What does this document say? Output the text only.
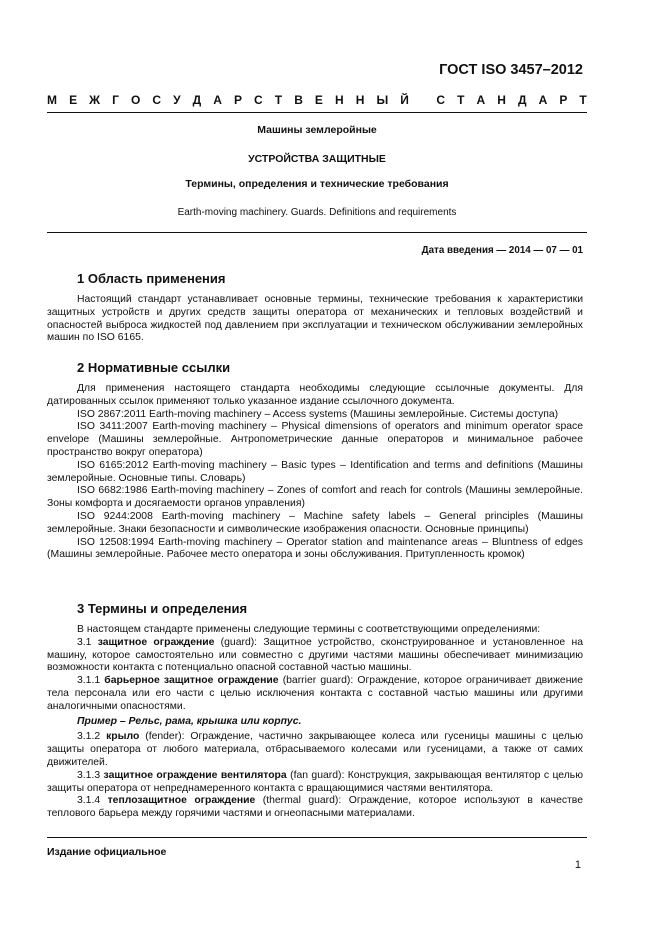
ГОСТ ISO 3457–2012
М Е Ж Г О С У Д А Р С Т В Е Н Н Ы Й
С Т А Н Д А Р Т
Машины землеройные
УСТРОЙСТВА ЗАЩИТНЫЕ
Термины, определения и технические требования
Earth-moving machinery. Guards. Definitions and requirements
Дата введения — 2014 — 07 — 01
1 Область применения

Настоящий стандарт устанавливает основные термины, технические требования к характеристики защитных устройств и других средств защиты оператора от механических и тепловых воздействий и опасностей выброса жидкостей под давлением при эксплуатации и техническом обслуживании землеройных машин по ISO 6165.

2 Нормативные ссылки

Для применения настоящего стандарта необходимы следующие ссылочные документы. Для датированных ссылок применяют только указанное издание ссылочного документа.

ISO 2867:2011 Earth-moving machinery – Access systems (Машины землеройные. Системы доступа)

ISO 3411:2007 Earth-moving machinery – Physical dimensions of operators and minimum operator space envelope (Машины землеройные. Антропометрические данные операторов и минимальное рабочее пространство вокруг оператора)

ISO 6165:2012 Earth-moving machinery – Basic types – Identification and terms and definitions (Машины землеройные. Основные типы. Словарь)

ISO 6682:1986 Earth-moving machinery – Zones of comfort and reach for controls (Машины землеройные. Зоны комфорта и досягаемости органов управления)

ISO 9244:2008 Earth-moving machinery – Machine safety labels – General principles (Машины землеройные. Знаки безопасности и символические изображения опасности. Основные принципы)

ISO 12508:1994 Earth-moving machinery – Operator station and maintenance areas – Bluntness of edges (Машины землеройные. Рабочее место оператора и зоны обслуживания. Притупленность кромок)

3 Термины и определения

В настоящем стандарте применены следующие термины с соответствующими определениями:

3.1 защитное ограждение (guard): Защитное устройство, сконструированное и установленное на машину, которое самостоятельно или совместно с другими частями машины обеспечивает минимизацию возможности контакта с потенциально опасной составной частью машины.

3.1.1 барьерное защитное ограждение (barrier guard): Ограждение, которое ограничивает движение тела персонала или его части с целью исключения контакта с составной частью машины или другими аналогичными опасностями.

Пример – Рельс, рама, крышка или корпус.

3.1.2 крыло (fender): Ограждение, частично закрывающее колеса или гусеницы машины с целью защиты оператора от любого материала, отбрасываемого колесами или гусеницами, а также от самих движителей.

3.1.3 защитное ограждение вентилятора (fan guard): Конструкция, закрывающая вентилятор с целью защиты оператора от непреднамеренного контакта с вращающимися частями вентилятора.

3.1.4 теплозащитное ограждение (thermal guard): Ограждение, которое используют в качестве теплового барьера между горячими частями и огнеопасными материалами.

Издание официальное
1
